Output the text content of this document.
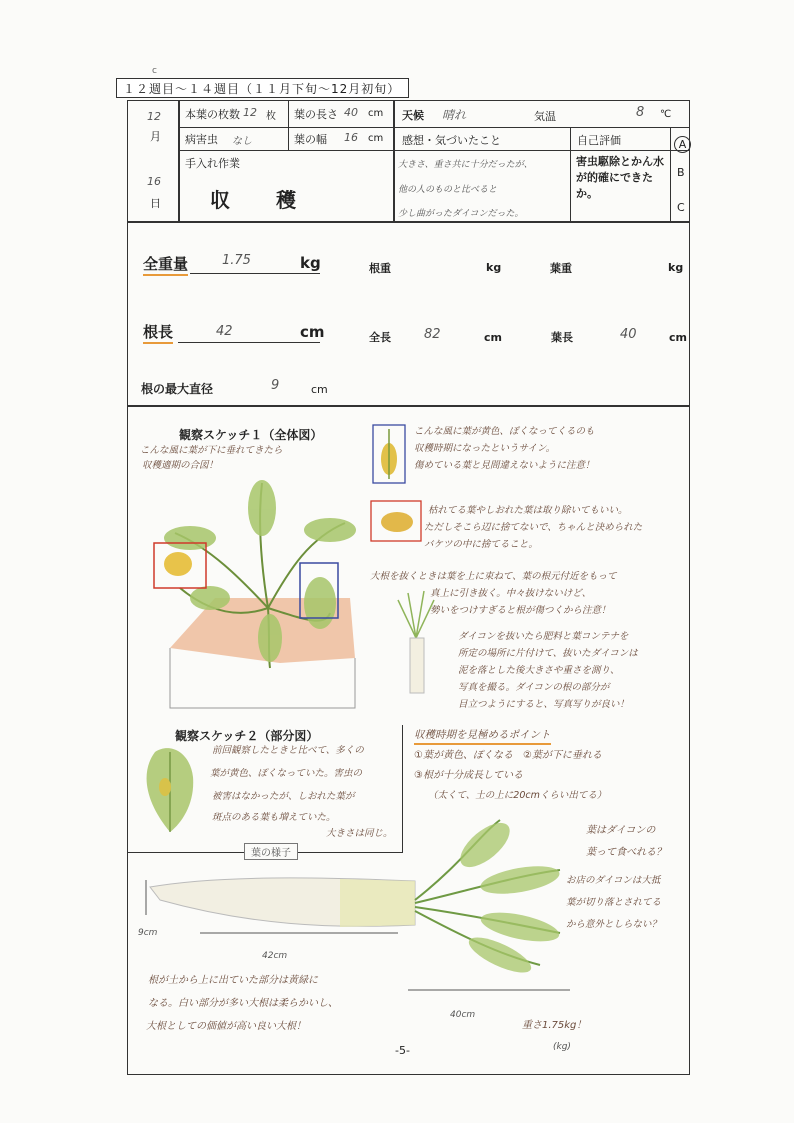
c
１２週目～１４週目（１１月下旬～12月初旬）
12
月
16
日
本葉の枚数 12 枚 葉の長さ 40 cm
病害虫 なし	葉の幅 16 cm
手入れ作業
収　　穫
天候 晴れ	気温	8 ℃
感想・気づいたこと	自己評価
大きさ、重さ共に十分だったが、
他の人のものと比べると
少し曲がったダイコンだった。
害虫駆除とかん水が的確にできたか。
A
B
C
全重量	1.75	kg	根重	kg	葉重	kg
根長	42	cm	全長	82	cm	葉長	40	cm
根の最大直径	9	cm
観察スケッチ１（全体図）
こんな風に葉が下に垂れてきたら
収穫適期の合図！
こんな風に葉が黄色、ぽくなってくるのも
収穫時期になったというサイン。
傷めている葉と見間違えないように注意！
枯れてる葉やしおれた葉は取り除いてもいい。
ただしそこら辺に捨てないで、ちゃんと決められた
バケツの中に捨てること。
大根を抜くときは葉を上に束ねて、葉の根元付近をもって
真上に引き抜く。中々抜けないけど、
勢いをつけすぎると根が傷つくから注意！
ダイコンを抜いたら肥料と葉コンテナを
所定の場所に片付けて、抜いたダイコンは
泥を落とした後大きさや重さを測り、
写真を撮る。ダイコンの根の部分が
目立つようにすると、写真写りが良い！
観察スケッチ２（部分図）
前回観察したときと比べて、多くの
葉が黄色、ぽくなっていた。害虫の
被害はなかったが、しおれた葉が
斑点のある葉も増えていた。
大きさは同じ。
葉の様子
収穫時期を見極めるポイント
①葉が黄色、ぽくなる　②葉が下に垂れる
③根が十分成長している
（太くて、土の上に20cmくらい出てる）
葉はダイコンの
葉って食べれる？
お店のダイコンは大抵
葉が切り落とされてる
から意外としらない？
9cm
42cm
40cm
重さ1.75kg！
(kg)
根が土から上に出ていた部分は黄緑に
なる。白い部分が多い大根は柔らかいし、
大根としての価値が高い良い大根！
-5-
